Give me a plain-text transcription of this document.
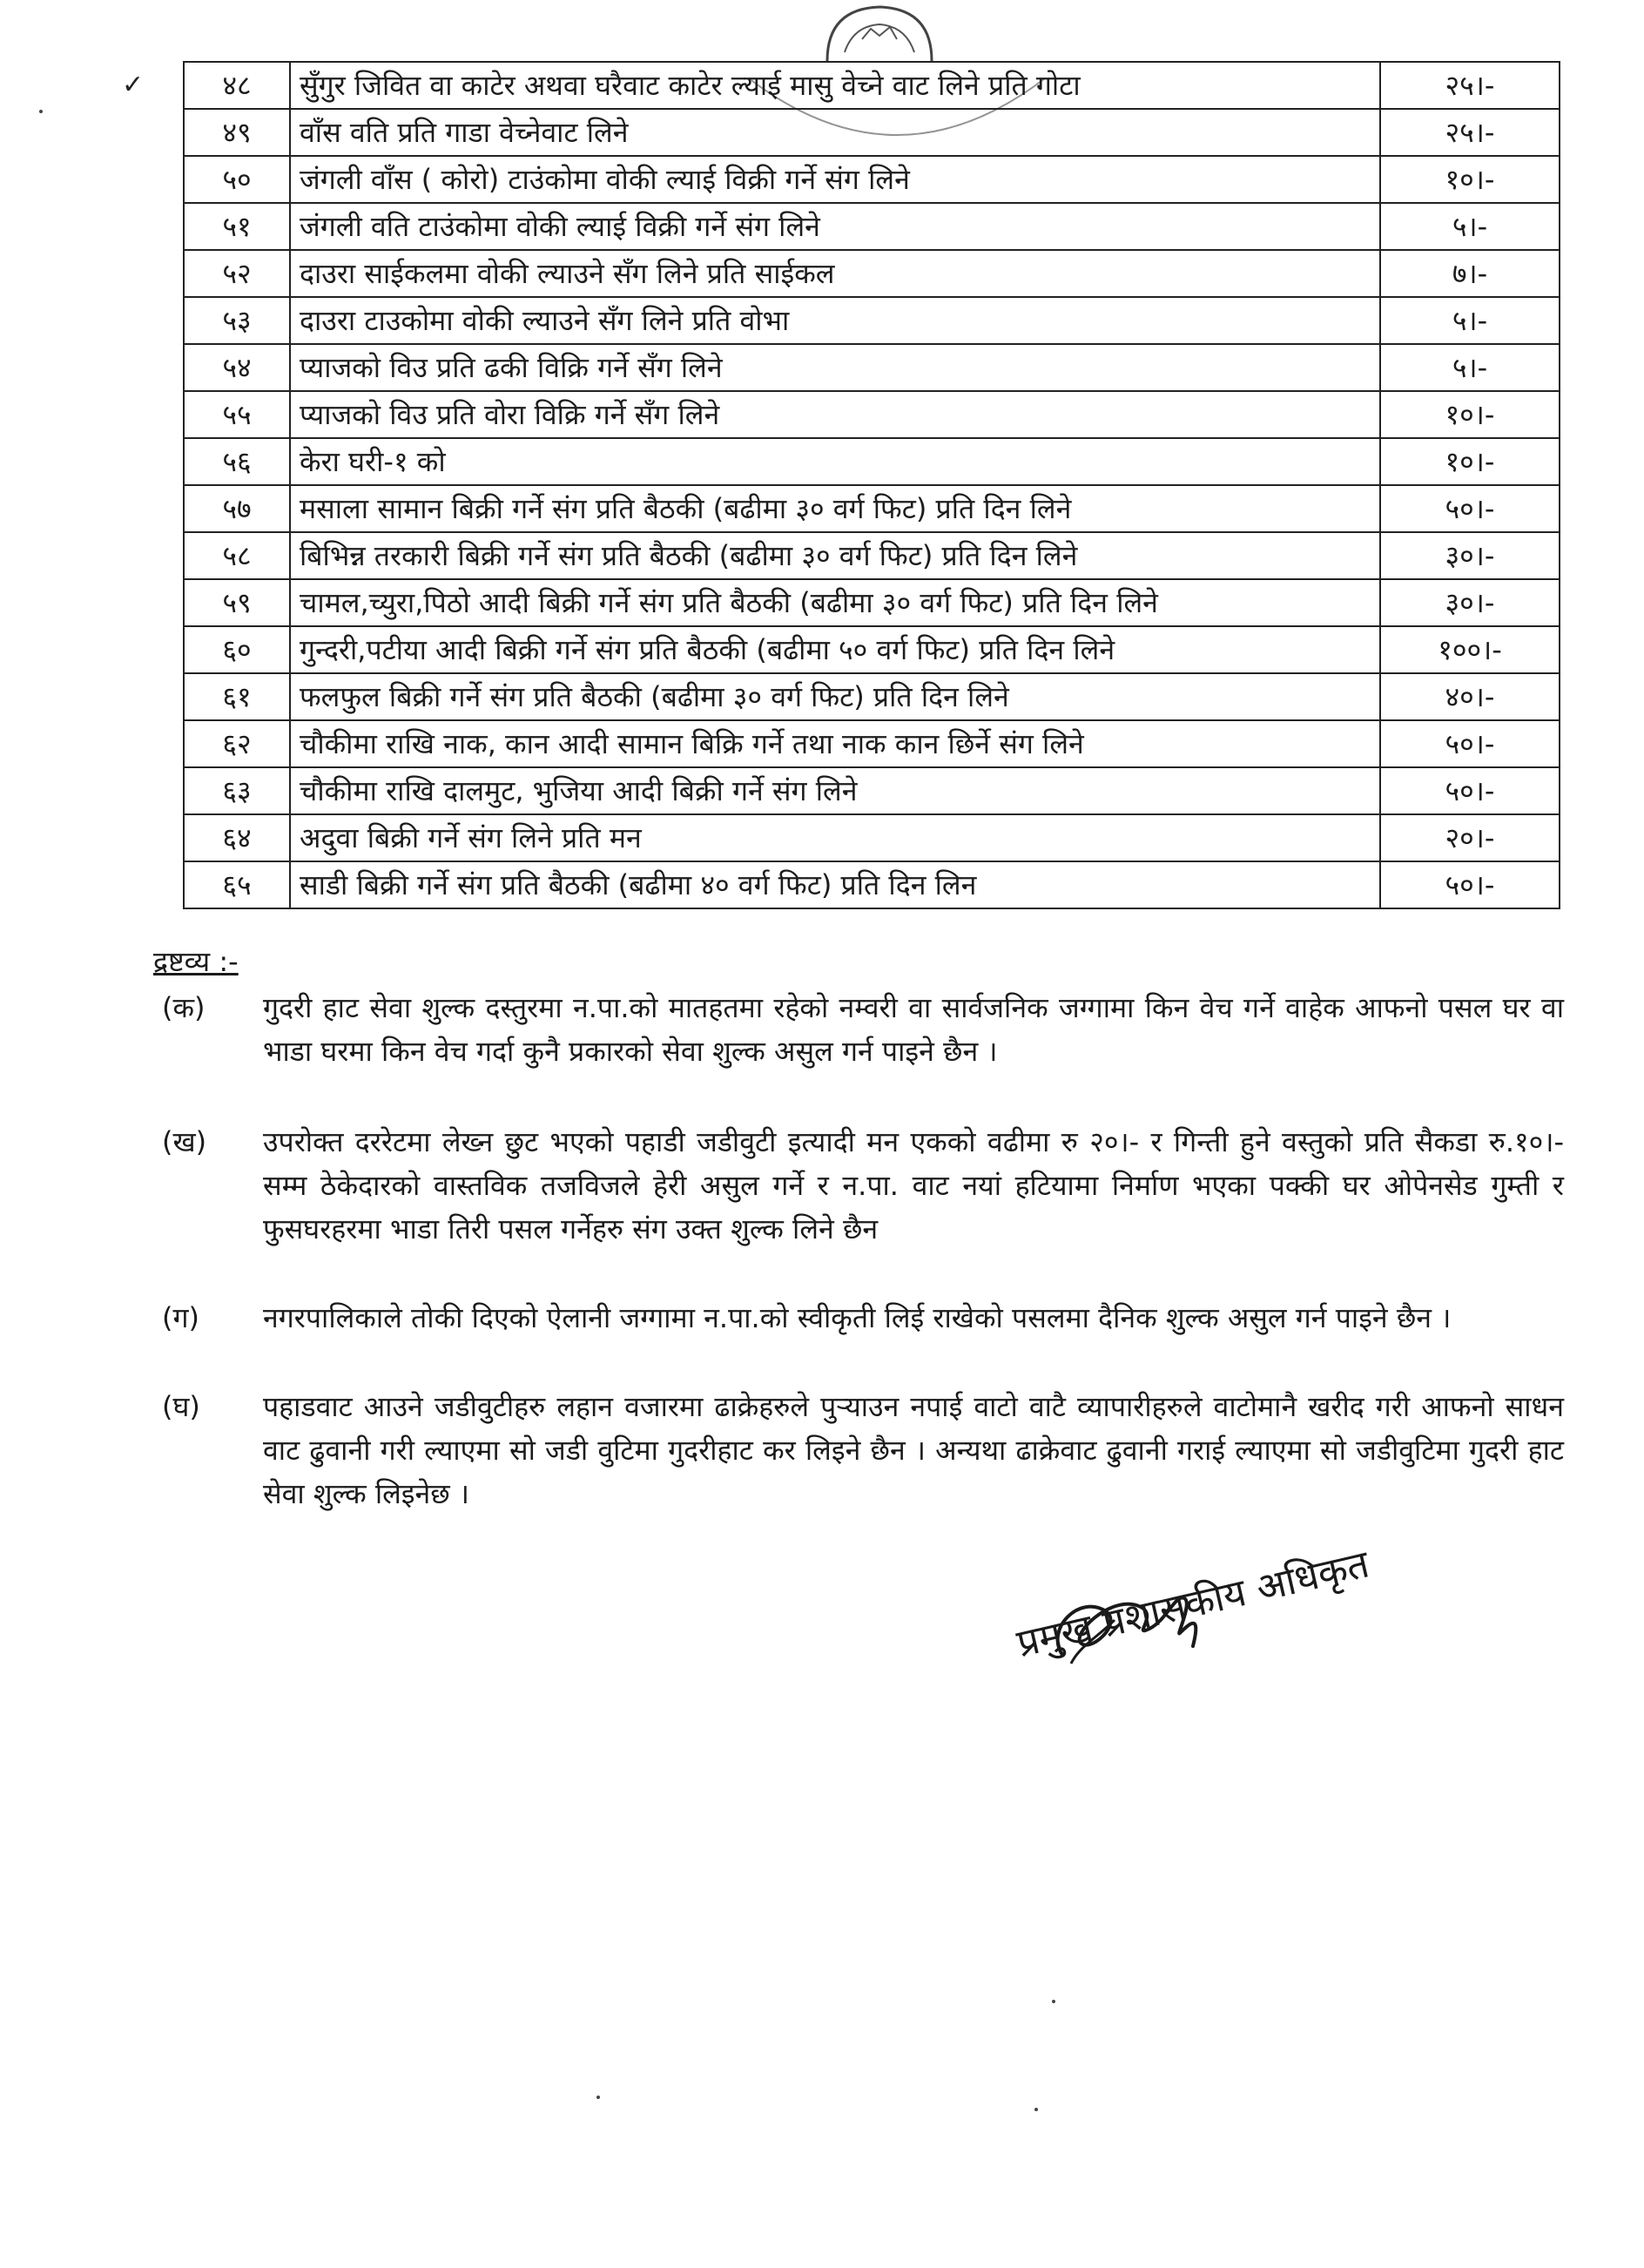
✓	४८	सुँगुर जिवित वा काटेर अथवा घरैवाट काटेर ल्याई मासु वेच्ने वाट लिने प्रति गोटा	२५।-
४९	वाँस वति प्रति गाडा वेच्नेवाट लिने	२५।-
५०	जंगली वाँस ( कोरो) टाउंकोमा वोकी ल्याई विक्री गर्ने संग लिने	१०।-
५१	जंगली वति टाउंकोमा वोकी ल्याई विक्री गर्ने संग लिने	५।-
५२	दाउरा साईकलमा वोकी ल्याउने सँग लिने प्रति साईकल	७।-
५३	दाउरा टाउकोमा वोकी ल्याउने सँग लिने प्रति वोभा	५।-
५४	प्याजको विउ प्रति ढकी विक्रि गर्ने सँग लिने	५।-
५५	प्याजको विउ प्रति वोरा विक्रि गर्ने सँग लिने	१०।-
५६	केरा घरी-१ को	१०।-
५७	मसाला सामान बिक्री गर्ने संग प्रति बैठकी (बढीमा ३० वर्ग फिट) प्रति दिन लिने	५०।-
५८	बिभिन्न तरकारी बिक्री गर्ने संग प्रति बैठकी (बढीमा ३० वर्ग फिट) प्रति दिन लिने	३०।-
५९	चामल,च्युरा,पिठो आदी बिक्री गर्ने संग प्रति बैठकी (बढीमा ३० वर्ग फिट) प्रति दिन लिने	३०।-
६०	गुन्दरी,पटीया आदी बिक्री गर्ने संग प्रति बैठकी (बढीमा ५० वर्ग फिट) प्रति दिन लिने	१००।-
६१	फलफुल बिक्री गर्ने संग प्रति बैठकी (बढीमा ३० वर्ग फिट) प्रति दिन लिने	४०।-
६२	चौकीमा राखि नाक, कान आदी सामान बिक्रि गर्ने तथा नाक कान छिर्ने संग लिने	५०।-
६३	चौकीमा राखि दालमुट, भुजिया आदी बिक्री गर्ने संग लिने	५०।-
६४	अदुवा बिक्री गर्ने संग लिने प्रति मन	२०।-
६५	साडी बिक्री गर्ने संग प्रति बैठकी (बढीमा ४० वर्ग फिट) प्रति दिन लिन	५०।-
द्रष्टव्य :-
(क) गुदरी हाट सेवा शुल्क दस्तुरमा न.पा.को मातहतमा रहेको नम्वरी वा सार्वजनिक जग्गामा किन वेच गर्ने वाहेक आफनो पसल घर वा भाडा घरमा किन वेच गर्दा कुनै प्रकारको सेवा शुल्क असुल गर्न पाइने छैन ।
(ख) उपरोक्त दररेटमा लेख्न छुट भएको पहाडी जडीवुटी इत्यादी मन एकको वढीमा रु २०।- र गिन्ती हुने वस्तुको प्रति सैकडा रु.१०।- सम्म ठेकेदारको वास्तविक तजविजले हेरी असुल गर्ने र न.पा. वाट नयां हटियामा निर्माण भएका पक्की घर ओपेनसेड गुम्ती र फुसघरहरमा भाडा तिरी पसल गर्नेहरु संग उक्त शुल्क लिने छैन
(ग) नगरपालिकाले तोकी दिएको ऐलानी जग्गामा न.पा.को स्वीकृती लिई राखेको पसलमा दैनिक शुल्क असुल गर्न पाइने छैन ।
(घ) पहाडवाट आउने जडीवुटीहरु लहान वजारमा ढाक्रेहरुले पुऱ्याउन नपाई वाटो वाटै व्यापारीहरुले वाटोमानै खरीद गरी आफनो साधन वाट ढुवानी गरी ल्याएमा सो जडी वुटिमा गुदरीहाट कर लिइने छैन । अन्यथा ढाक्रेवाट ढुवानी गराई ल्याएमा सो जडीवुटिमा गुदरी हाट सेवा शुल्क लिइनेछ ।
प्रमुख प्रशासकीय अधिकृत
